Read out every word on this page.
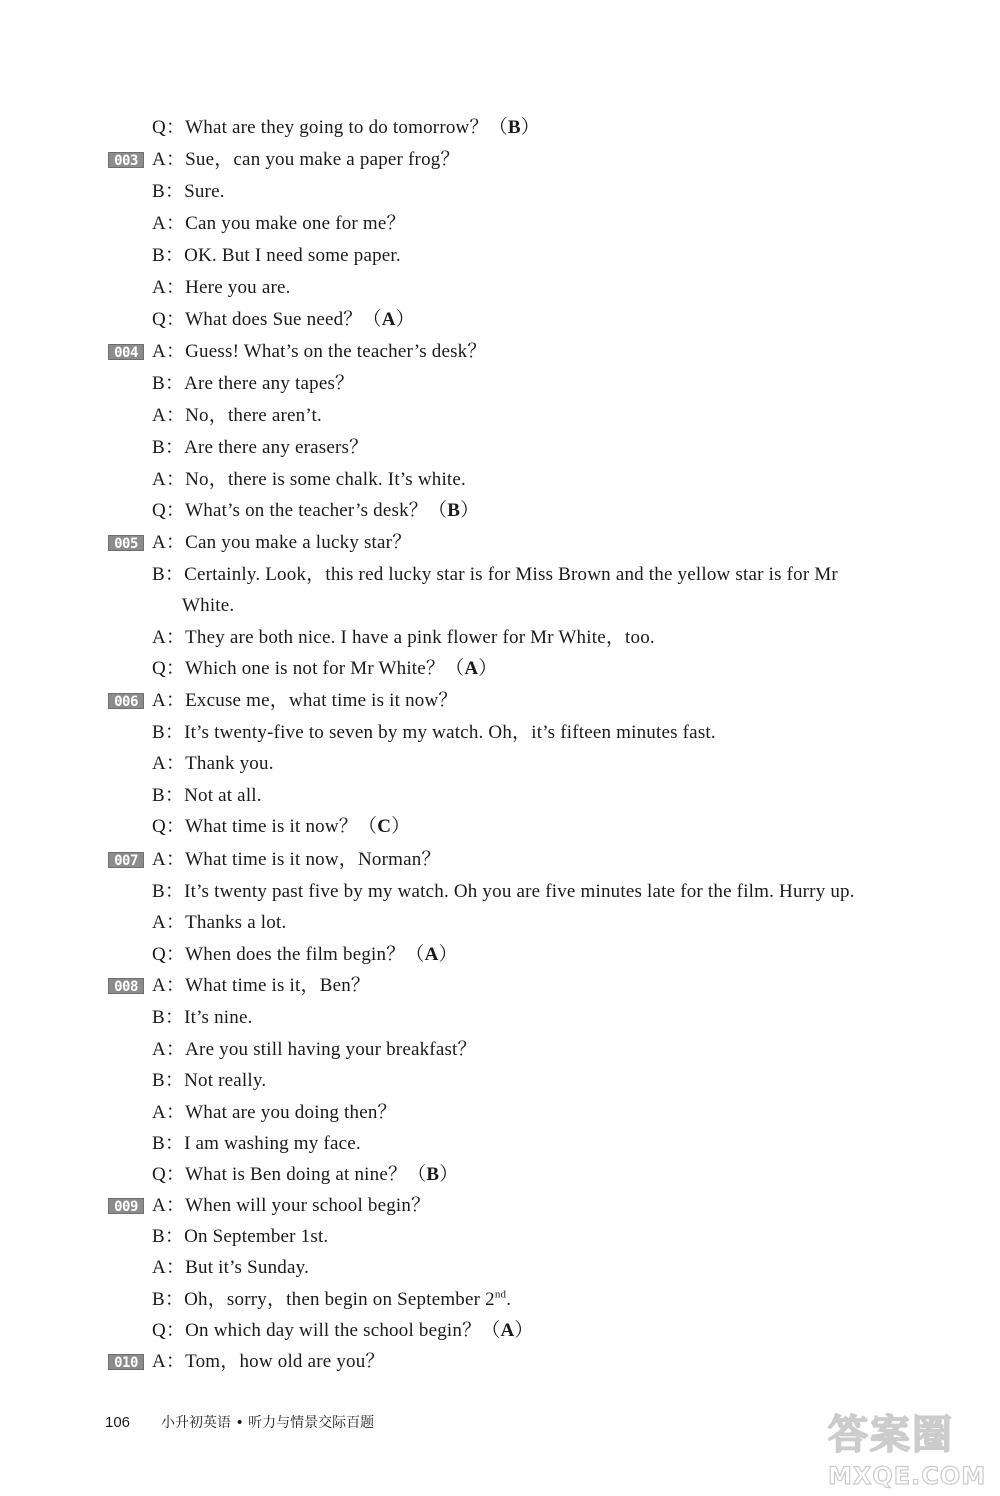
Q：What are they going to do tomorrow？（B）
A：Sue，can you make a paper frog？
003
B：Sure.
A：Can you make one for me？
B：OK. But I need some paper.
A：Here you are.
Q：What does Sue need？（A）
A：Guess! What’s on the teacher’s desk？
004
B：Are there any tapes？
A：No，there aren’t.
B：Are there any erasers？
A：No，there is some chalk. It’s white.
Q：What’s on the teacher’s desk？（B）
A：Can you make a lucky star？
005
B：Certainly. Look，this red lucky star is for Miss Brown and the yellow star is for Mr
White.
A：They are both nice. I have a pink flower for Mr White，too.
Q：Which one is not for Mr White？（A）
A：Excuse me，what time is it now？
006
B：It’s twenty-five to seven by my watch. Oh，it’s fifteen minutes fast.
A：Thank you.
B：Not at all.
Q：What time is it now？（C）
A：What time is it now，Norman？
007
B：It’s twenty past five by my watch. Oh you are five minutes late for the film. Hurry up.
A：Thanks a lot.
Q：When does the film begin？（A）
A：What time is it，Ben？
008
B：It’s nine.
A：Are you still having your breakfast？
B：Not really.
A：What are you doing then？
B：I am washing my face.
Q：What is Ben doing at nine？（B）
A：When will your school begin？
009
B：On September 1st.
A：But it’s Sunday.
B：Oh，sorry，then begin on September 2nd.
Q：On which day will the school begin？（A）
A：Tom，how old are you？
010
106 小升初英语 • 听力与情景交际百题	答案圈
MXQE.COM
